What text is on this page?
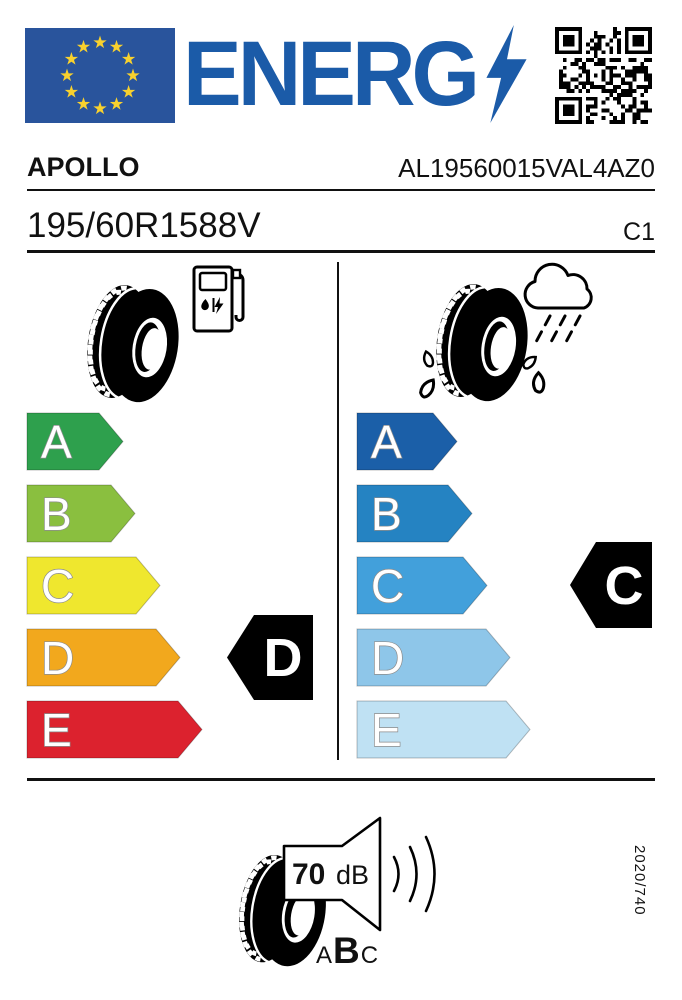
ENERG
APOLLO	AL19560015VAL4AZ0
195/60R1588V	C1
A
B
C
D
E
D
A
B
C
D
E
C
70 dB
A B C
2020/740
